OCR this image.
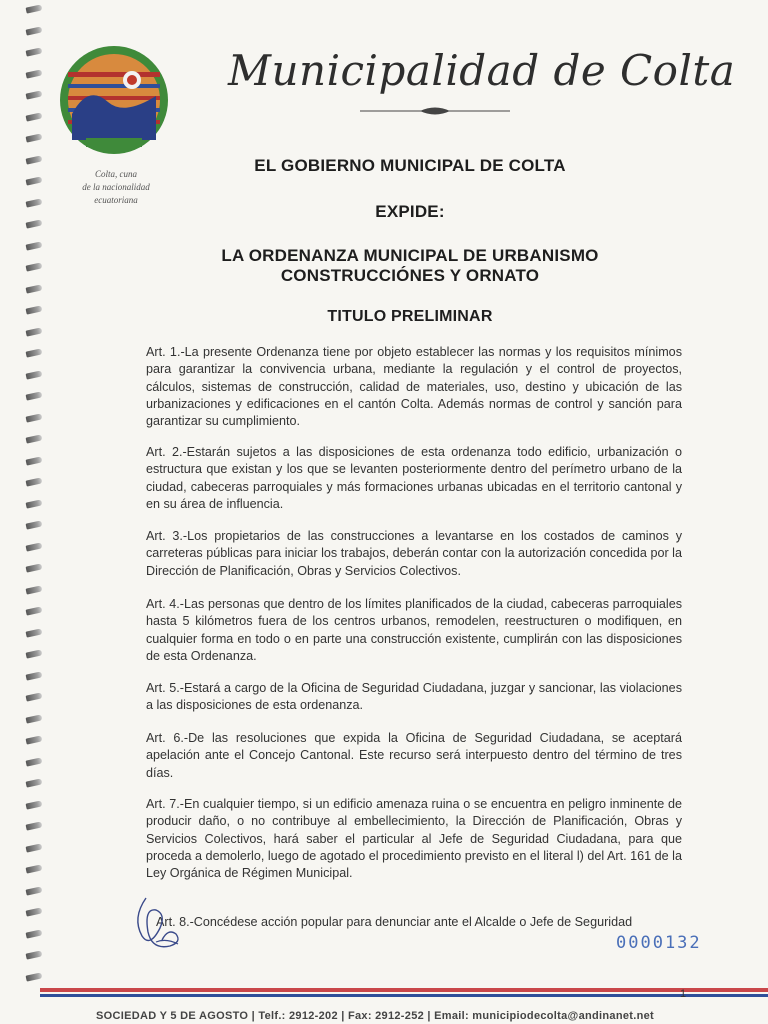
Colta, cuna
de la nacionalidad
ecuatoriana
Municipalidad de Colta
EL GOBIERNO MUNICIPAL DE COLTA
EXPIDE:
LA ORDENANZA MUNICIPAL DE URBANISMO
CONSTRUCCIÓNES Y ORNATO
TITULO PRELIMINAR

Art. 1.-La presente Ordenanza tiene por objeto establecer las normas y los requisitos mínimos para garantizar la convivencia urbana, mediante la regulación y el control de proyectos, cálculos, sistemas de construcción, calidad de materiales, uso, destino y ubicación de las urbanizaciones y edificaciones en el cantón Colta. Además normas de control y sanción para garantizar su cumplimiento.

Art. 2.-Estarán sujetos a las disposiciones de esta ordenanza todo edificio, urbanización o estructura que existan y los que se levanten posteriormente dentro del perímetro urbano de la ciudad, cabeceras parroquiales y más formaciones urbanas ubicadas en el territorio cantonal y en su área de influencia.

Art. 3.-Los propietarios de las construcciones a levantarse en los costados de caminos y carreteras públicas para iniciar los trabajos, deberán contar con la autorización concedida por la Dirección de Planificación, Obras y Servicios Colectivos.

Art. 4.-Las personas que dentro de los límites planificados de la ciudad, cabeceras parroquiales hasta 5 kilómetros fuera de los centros urbanos, remodelen, reestructuren o modifiquen, en cualquier forma en todo o en parte una construcción existente, cumplirán con las disposiciones de esta Ordenanza.

Art. 5.-Estará a cargo de la Oficina de Seguridad Ciudadana, juzgar y sancionar, las violaciones a las disposiciones de esta ordenanza.

Art. 6.-De las resoluciones que expida la Oficina de Seguridad Ciudadana, se aceptará apelación ante el Concejo Cantonal. Este recurso será interpuesto dentro del término de tres días.

Art. 7.-En cualquier tiempo, si un edificio amenaza ruina o se encuentra en peligro inminente de producir daño, o no contribuye al embellecimiento, la Dirección de Planificación, Obras y Servicios Colectivos, hará saber el particular al Jefe de Seguridad Ciudadana, para que proceda a demolerlo, luego de agotado el procedimiento previsto en el literal l) del Art. 161 de la Ley Orgánica de Régimen Municipal.

Art. 8.-Concédese acción popular para denunciar ante el Alcalde o Jefe de Seguridad

0000132
1
SOCIEDAD Y 5 DE AGOSTO | Telf.: 2912-202 | Fax: 2912-252 | Email: municipiodecolta@andinanet.net
